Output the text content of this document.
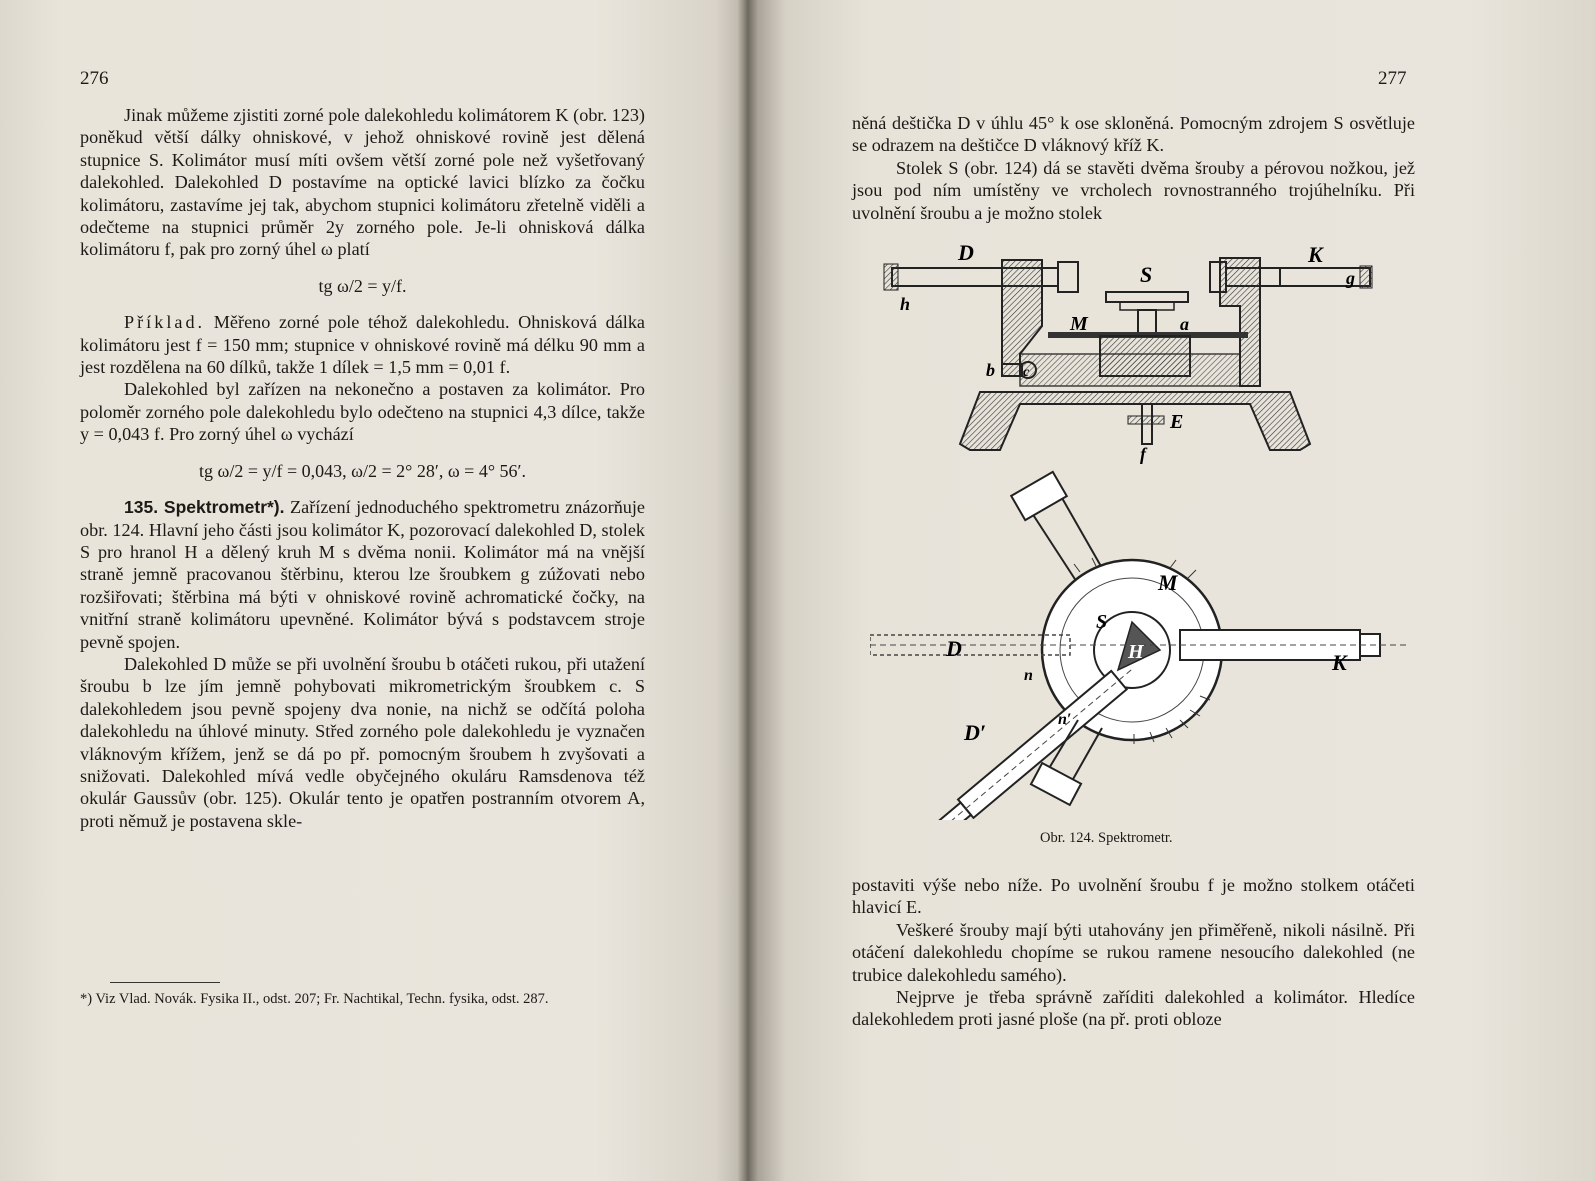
276

Jinak můžeme zjistiti zorné pole dalekohledu kolimátorem K (obr. 123) poněkud větší dálky ohniskové, v jehož ohniskové rovině jest dělená stupnice S. Kolimátor musí míti ovšem větší zorné pole než vyšetřovaný dalekohled. Dalekohled D postavíme na optické lavici blízko za čočku kolimátoru, zastavíme jej tak, abychom stupnici kolimátoru zřetelně viděli a odečteme na stupnici průměr 2y zorného pole. Je-li ohnisková dálka kolimátoru f, pak pro zorný úhel ω platí

tg ω/2 = y/f.

Příklad. Měřeno zorné pole téhož dalekohledu. Ohnisková dálka kolimátoru jest f = 150 mm; stupnice v ohniskové rovině má délku 90 mm a jest rozdělena na 60 dílků, takže 1 dílek = 1,5 mm = 0,01 f.

Dalekohled byl zařízen na nekonečno a postaven za kolimátor. Pro poloměr zorného pole dalekohledu bylo odečteno na stupnici 4,3 dílce, takže y = 0,043 f. Pro zorný úhel ω vychází

tg ω/2 = y/f = 0,043, ω/2 = 2° 28′, ω = 4° 56′.

135. Spektrometr*). Zařízení jednoduchého spektrometru znázorňuje obr. 124. Hlavní jeho části jsou kolimátor K, pozorovací dalekohled D, stolek S pro hranol H a dělený kruh M s dvěma nonii. Kolimátor má na vnější straně jemně pracovanou štěrbinu, kterou lze šroubkem g zúžovati nebo rozšiřovati; štěrbina má býti v ohniskové rovině achromatické čočky, na vnitřní straně kolimátoru upevněné. Kolimátor bývá s podstavcem stroje pevně spojen.

Dalekohled D může se při uvolnění šroubu b otáčeti rukou, při utažení šroubu b lze jím jemně pohybovati mikrometrickým šroubkem c. S dalekohledem jsou pevně spojeny dva nonie, na nichž se odčítá poloha dalekohledu na úhlové minuty. Střed zorného pole dalekohledu je vyznačen vláknovým křížem, jenž se dá po př. pomocným šroubem h zvyšovati a snižovati. Dalekohled mívá vedle obyčejného okuláru Ramsdenova též okulár Gaussův (obr. 125). Okulár tento je opatřen postranním otvorem A, proti němuž je postavena skle-

*) Viz Vlad. Novák. Fysika II., odst. 207; Fr. Nachtikal, Techn. fysika, odst. 287.
277

něná deštička D v úhlu 45° k ose skloněná. Pomocným zdrojem S osvětluje se odrazem na deštičce D vláknový kříž K.

Stolek S (obr. 124) dá se stavěti dvěma šrouby a pérovou nožkou, jež jsou pod ním umístěny ve vrcholech rovnostranného trojúhelníku. Při uvolnění šroubu a je možno stolek

D
S
K
g
h
M	a
b c
E
f
M
S
H
D
K
n
D′
n′
Obr. 124. Spektrometr.

postaviti výše nebo níže. Po uvolnění šroubu f je možno stolkem otáčeti hlavicí E.

Veškeré šrouby mají býti utahovány jen přiměřeně, nikoli násilně. Při otáčení dalekohledu chopíme se rukou ramene nesoucího dalekohled (ne trubice dalekohledu samého).

Nejprve je třeba správně zaříditi dalekohled a kolimátor. Hledíce dalekohledem proti jasné ploše (na př. proti obloze
